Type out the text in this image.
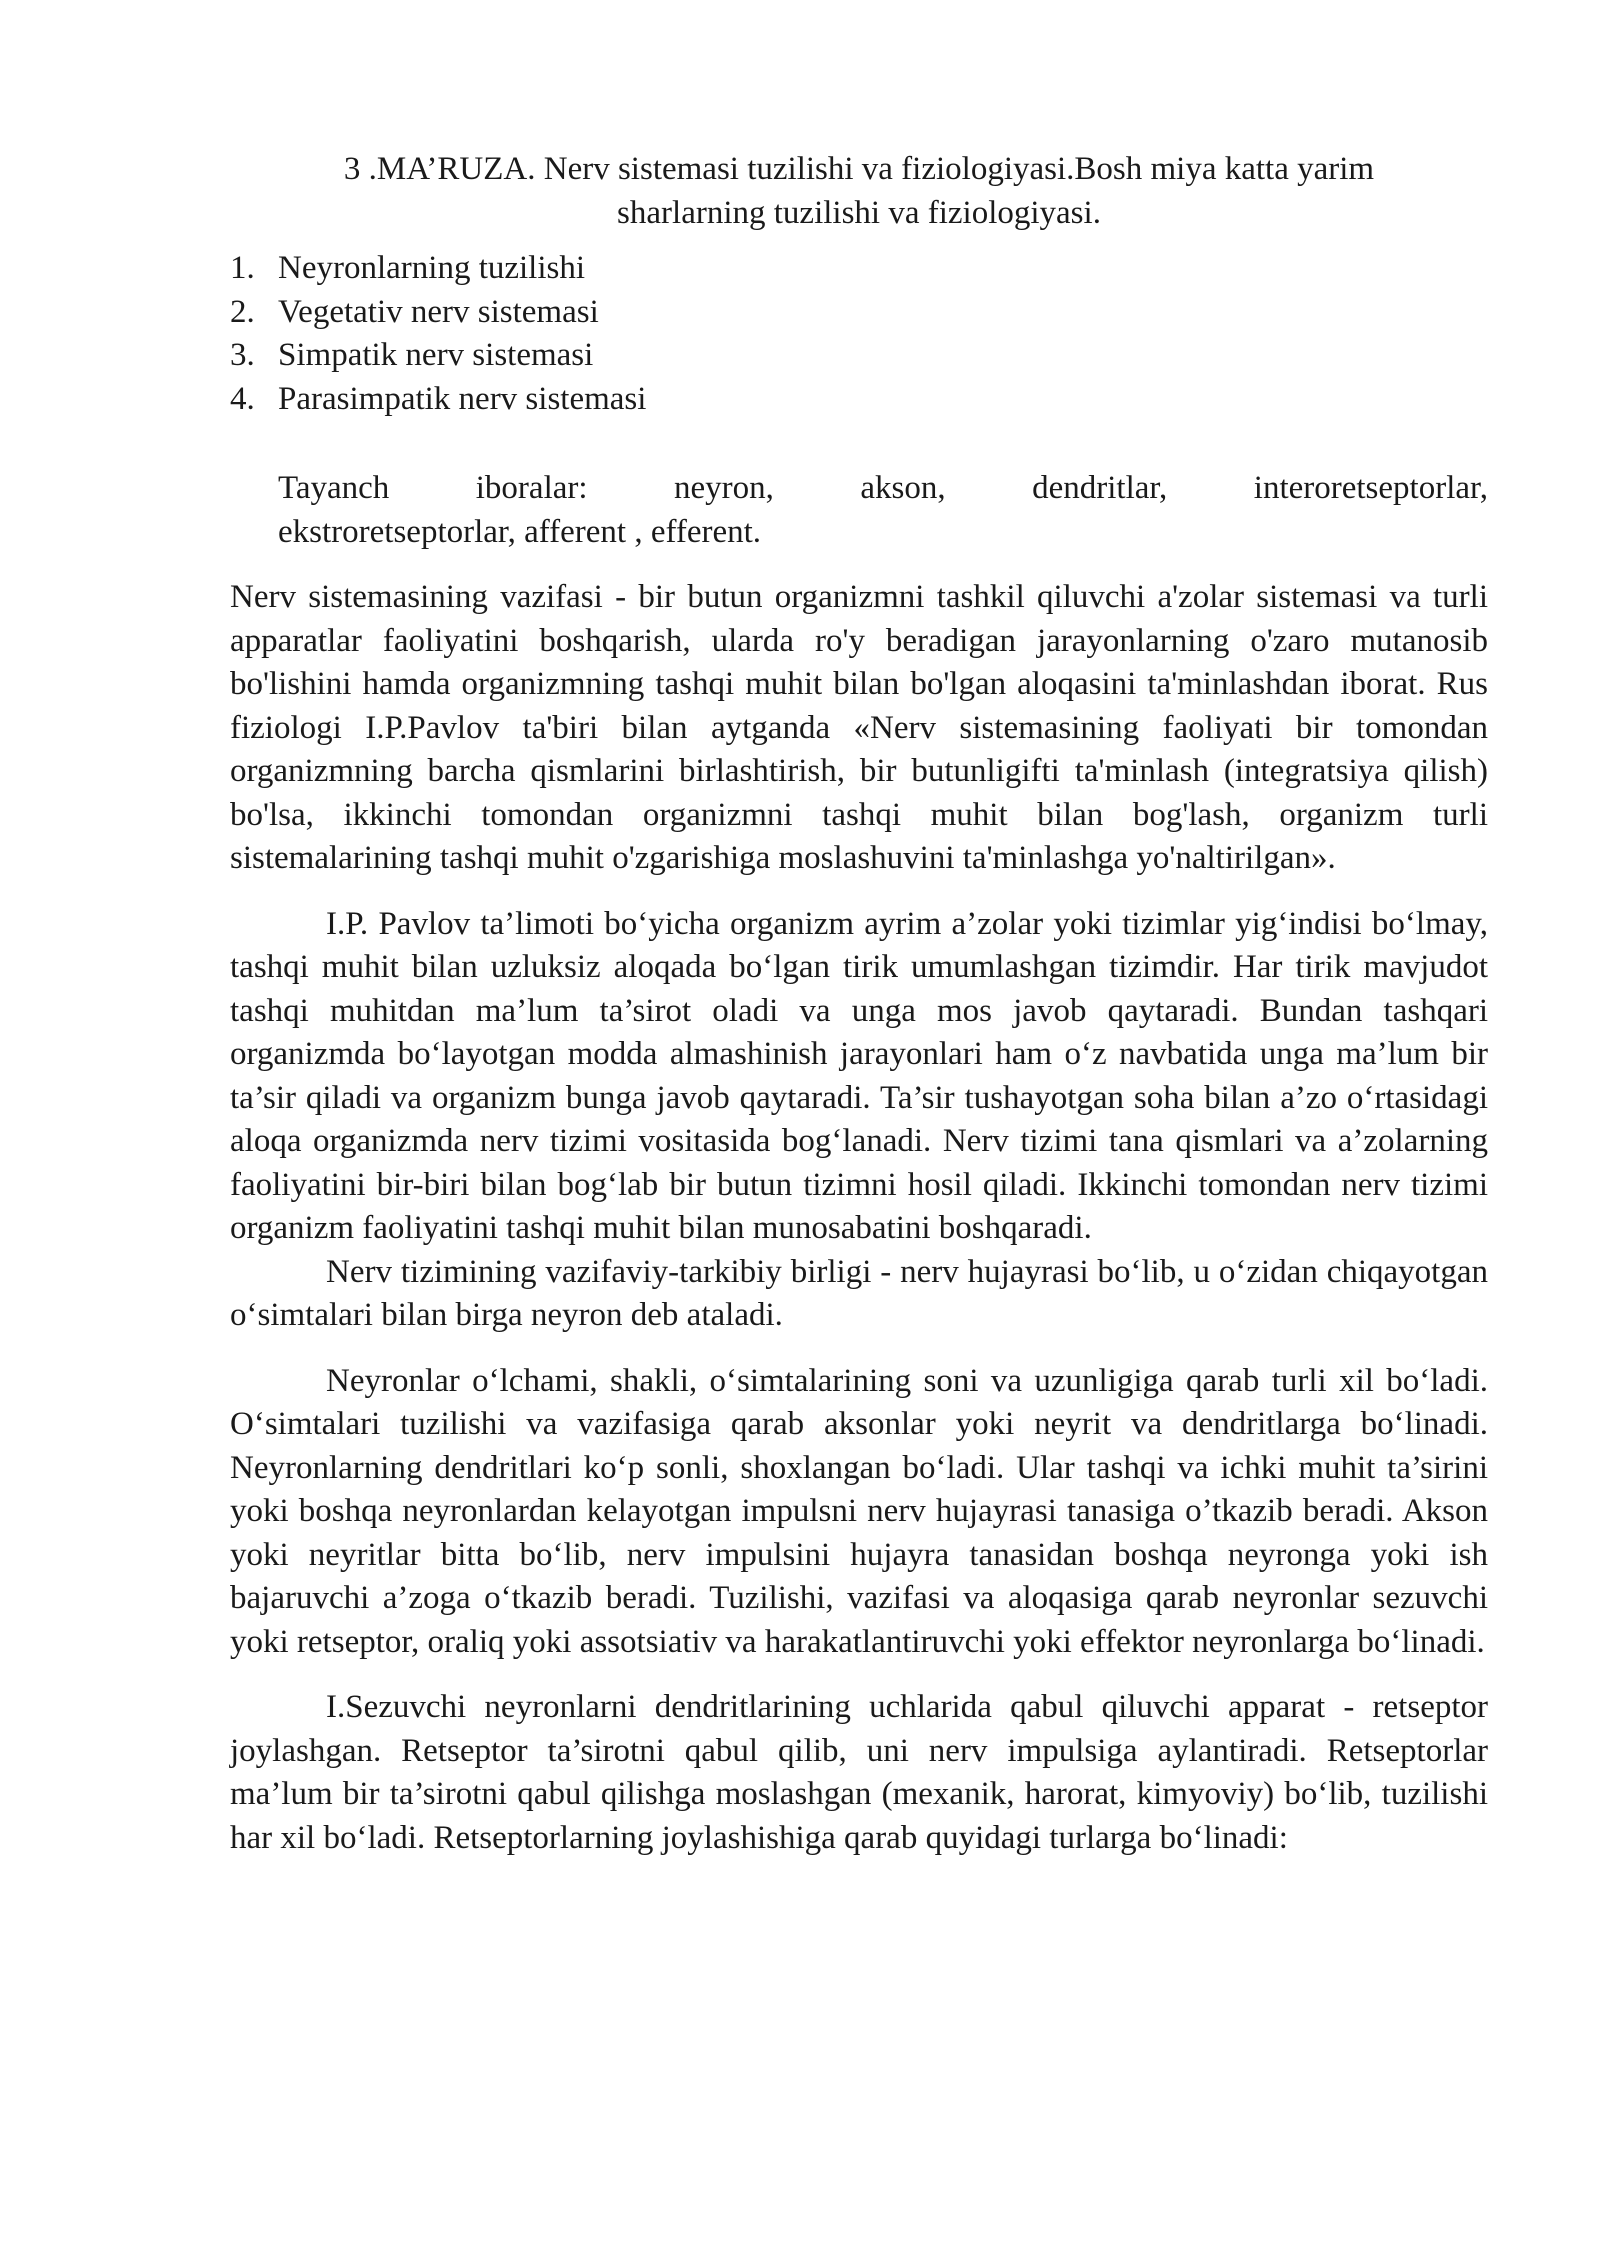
3 .MA’RUZA. Nerv sistemasi tuzilishi va fiziologiyasi.Bosh miya katta yarim
sharlarning tuzilishi va fiziologiyasi.
1. Neyronlarning tuzilishi
2. Vegetativ nerv sistemasi
3. Simpatik nerv sistemasi
4. Parasimpatik nerv sistemasi
Tayanch	iboralar:	neyron,	akson,	dendritlar,	interoretseptorlar,
ekstroretseptorlar, afferent , efferent.

Nerv sistemasining vazifasi - bir butun organizmni tashkil qiluvchi a'zolar sistemasi va turli apparatlar faoliyatini boshqarish, ularda ro'y beradigan jarayonlarning o'zaro mutanosib bo'lishini hamda organizmning tashqi muhit bilan bo'lgan aloqasini ta'minlashdan iborat. Rus fiziologi I.P.Pavlov ta'biri bilan aytganda «Nerv sistemasining faoliyati bir tomondan organizmning barcha qismlarini birlashtirish, bir butunligifti ta'minlash (integratsiya qilish) bo'lsa, ikkinchi tomondan organizmni tashqi muhit bilan bog'lash, organizm turli sistemalarining tashqi muhit o'zgarishiga moslashuvini ta'minlashga yo'naltirilgan».

I.P. Pavlov ta’limoti bo‘yicha organizm ayrim a’zolar yoki tizimlar yig‘indisi bo‘lmay, tashqi muhit bilan uzluksiz aloqada bo‘lgan tirik umumlashgan tizimdir. Har tirik mavjudot tashqi muhitdan ma’lum ta’sirot oladi va unga mos javob qaytaradi. Bundan tashqari organizmda bo‘layotgan modda almashinish jarayonlari ham o‘z navbatida unga ma’lum bir ta’sir qiladi va organizm bunga javob qaytaradi. Ta’sir tushayotgan soha bilan a’zo o‘rtasidagi aloqa organizmda nerv tizimi vositasida bog‘lanadi. Nerv tizimi tana qismlari va a’zolarning faoliyatini bir-biri bilan bog‘lab bir butun tizimni hosil qiladi. Ikkinchi tomondan nerv tizimi organizm faoliyatini tashqi muhit bilan munosabatini boshqaradi.

Nerv tizimining vazifaviy-tarkibiy birligi - nerv hujayrasi bo‘lib, u o‘zidan chiqayotgan o‘simtalari bilan birga neyron deb ataladi.

Neyronlar o‘lchami, shakli, o‘simtalarining soni va uzunligiga qarab turli xil bo‘ladi. O‘simtalari tuzilishi va vazifasiga qarab aksonlar yoki neyrit va dendritlarga bo‘linadi. Neyronlarning dendritlari ko‘p sonli, shoxlangan bo‘ladi. Ular tashqi va ichki muhit ta’sirini yoki boshqa neyronlardan kelayotgan impulsni nerv hujayrasi tanasiga o’tkazib beradi. Akson yoki neyritlar bitta bo‘lib, nerv impulsini hujayra tanasidan boshqa neyronga yoki ish bajaruvchi a’zoga o‘tkazib beradi. Tuzilishi, vazifasi va aloqasiga qarab neyronlar sezuvchi yoki retseptor, oraliq yoki assotsiativ va harakatlantiruvchi yoki effektor neyronlarga bo‘linadi.

I.Sezuvchi neyronlarni dendritlarining uchlarida qabul qiluvchi apparat - retseptor joylashgan. Retseptor ta’sirotni qabul qilib, uni nerv impulsiga aylantiradi. Retseptorlar ma’lum bir ta’sirotni qabul qilishga moslashgan (mexanik, harorat, kimyoviy) bo‘lib, tuzilishi har xil bo‘ladi. Retseptorlarning joylashishiga qarab quyidagi turlarga bo‘linadi:
